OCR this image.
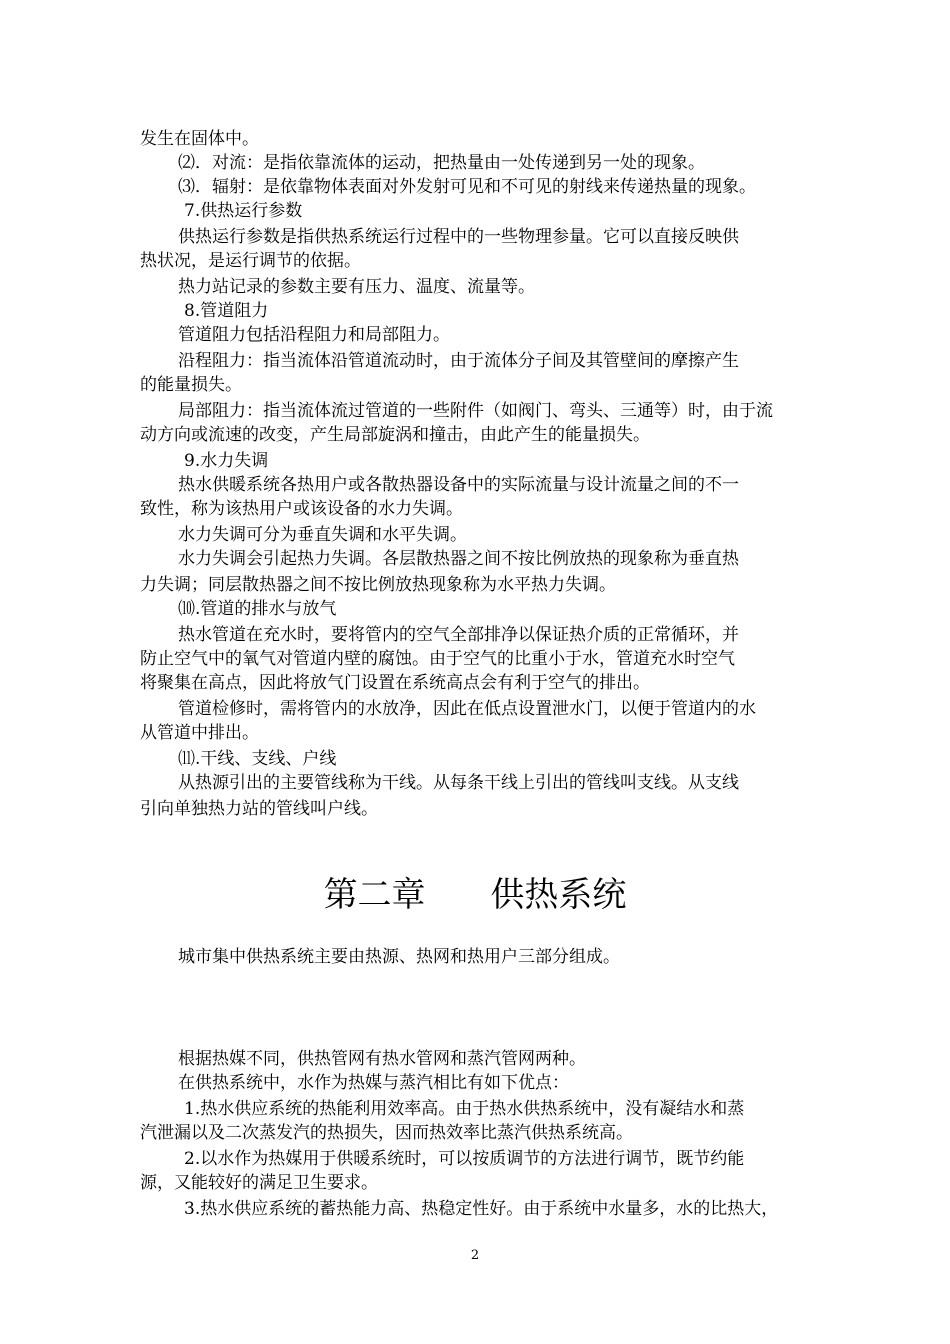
发生在固体中。
⑵．对流：是指依靠流体的运动，把热量由一处传递到另一处的现象。
⑶．辐射：是依靠物体表面对外发射可见和不可见的射线来传递热量的现象。
7.供热运行参数
供热运行参数是指供热系统运行过程中的一些物理参量。它可以直接反映供
热状况，是运行调节的依据。
热力站记录的参数主要有压力、温度、流量等。
8.管道阻力
管道阻力包括沿程阻力和局部阻力。
沿程阻力：指当流体沿管道流动时，由于流体分子间及其管壁间的摩擦产生
的能量损失。
局部阻力：指当流体流过管道的一些附件（如阀门、弯头、三通等）时，由于流
动方向或流速的改变，产生局部旋涡和撞击，由此产生的能量损失。
9.水力失调
热水供暖系统各热用户或各散热器设备中的实际流量与设计流量之间的不一
致性，称为该热用户或该设备的水力失调。
水力失调可分为垂直失调和水平失调。
水力失调会引起热力失调。各层散热器之间不按比例放热的现象称为垂直热
力失调；同层散热器之间不按比例放热现象称为水平热力失调。
⑽.管道的排水与放气
热水管道在充水时，要将管内的空气全部排净以保证热介质的正常循环，并
防止空气中的氧气对管道内壁的腐蚀。由于空气的比重小于水，管道充水时空气
将聚集在高点，因此将放气门设置在系统高点会有利于空气的排出。
管道检修时，需将管内的水放净，因此在低点设置泄水门，以便于管道内的水
从管道中排出。
⑾.干线、支线、户线
从热源引出的主要管线称为干线。从每条干线上引出的管线叫支线。从支线
引向单独热力站的管线叫户线。
城市集中供热系统主要由热源、热网和热用户三部分组成。
根据热媒不同，供热管网有热水管网和蒸汽管网两种。
在供热系统中，水作为热媒与蒸汽相比有如下优点：
1.热水供应系统的热能利用效率高。由于热水供热系统中，没有凝结水和蒸
汽泄漏以及二次蒸发汽的热损失，因而热效率比蒸汽供热系统高。
2.以水作为热媒用于供暖系统时，可以按质调节的方法进行调节，既节约能
源，又能较好的满足卫生要求。
3.热水供应系统的蓄热能力高、热稳定性好。由于系统中水量多，水的比热大，
第二章      供热系统
2
